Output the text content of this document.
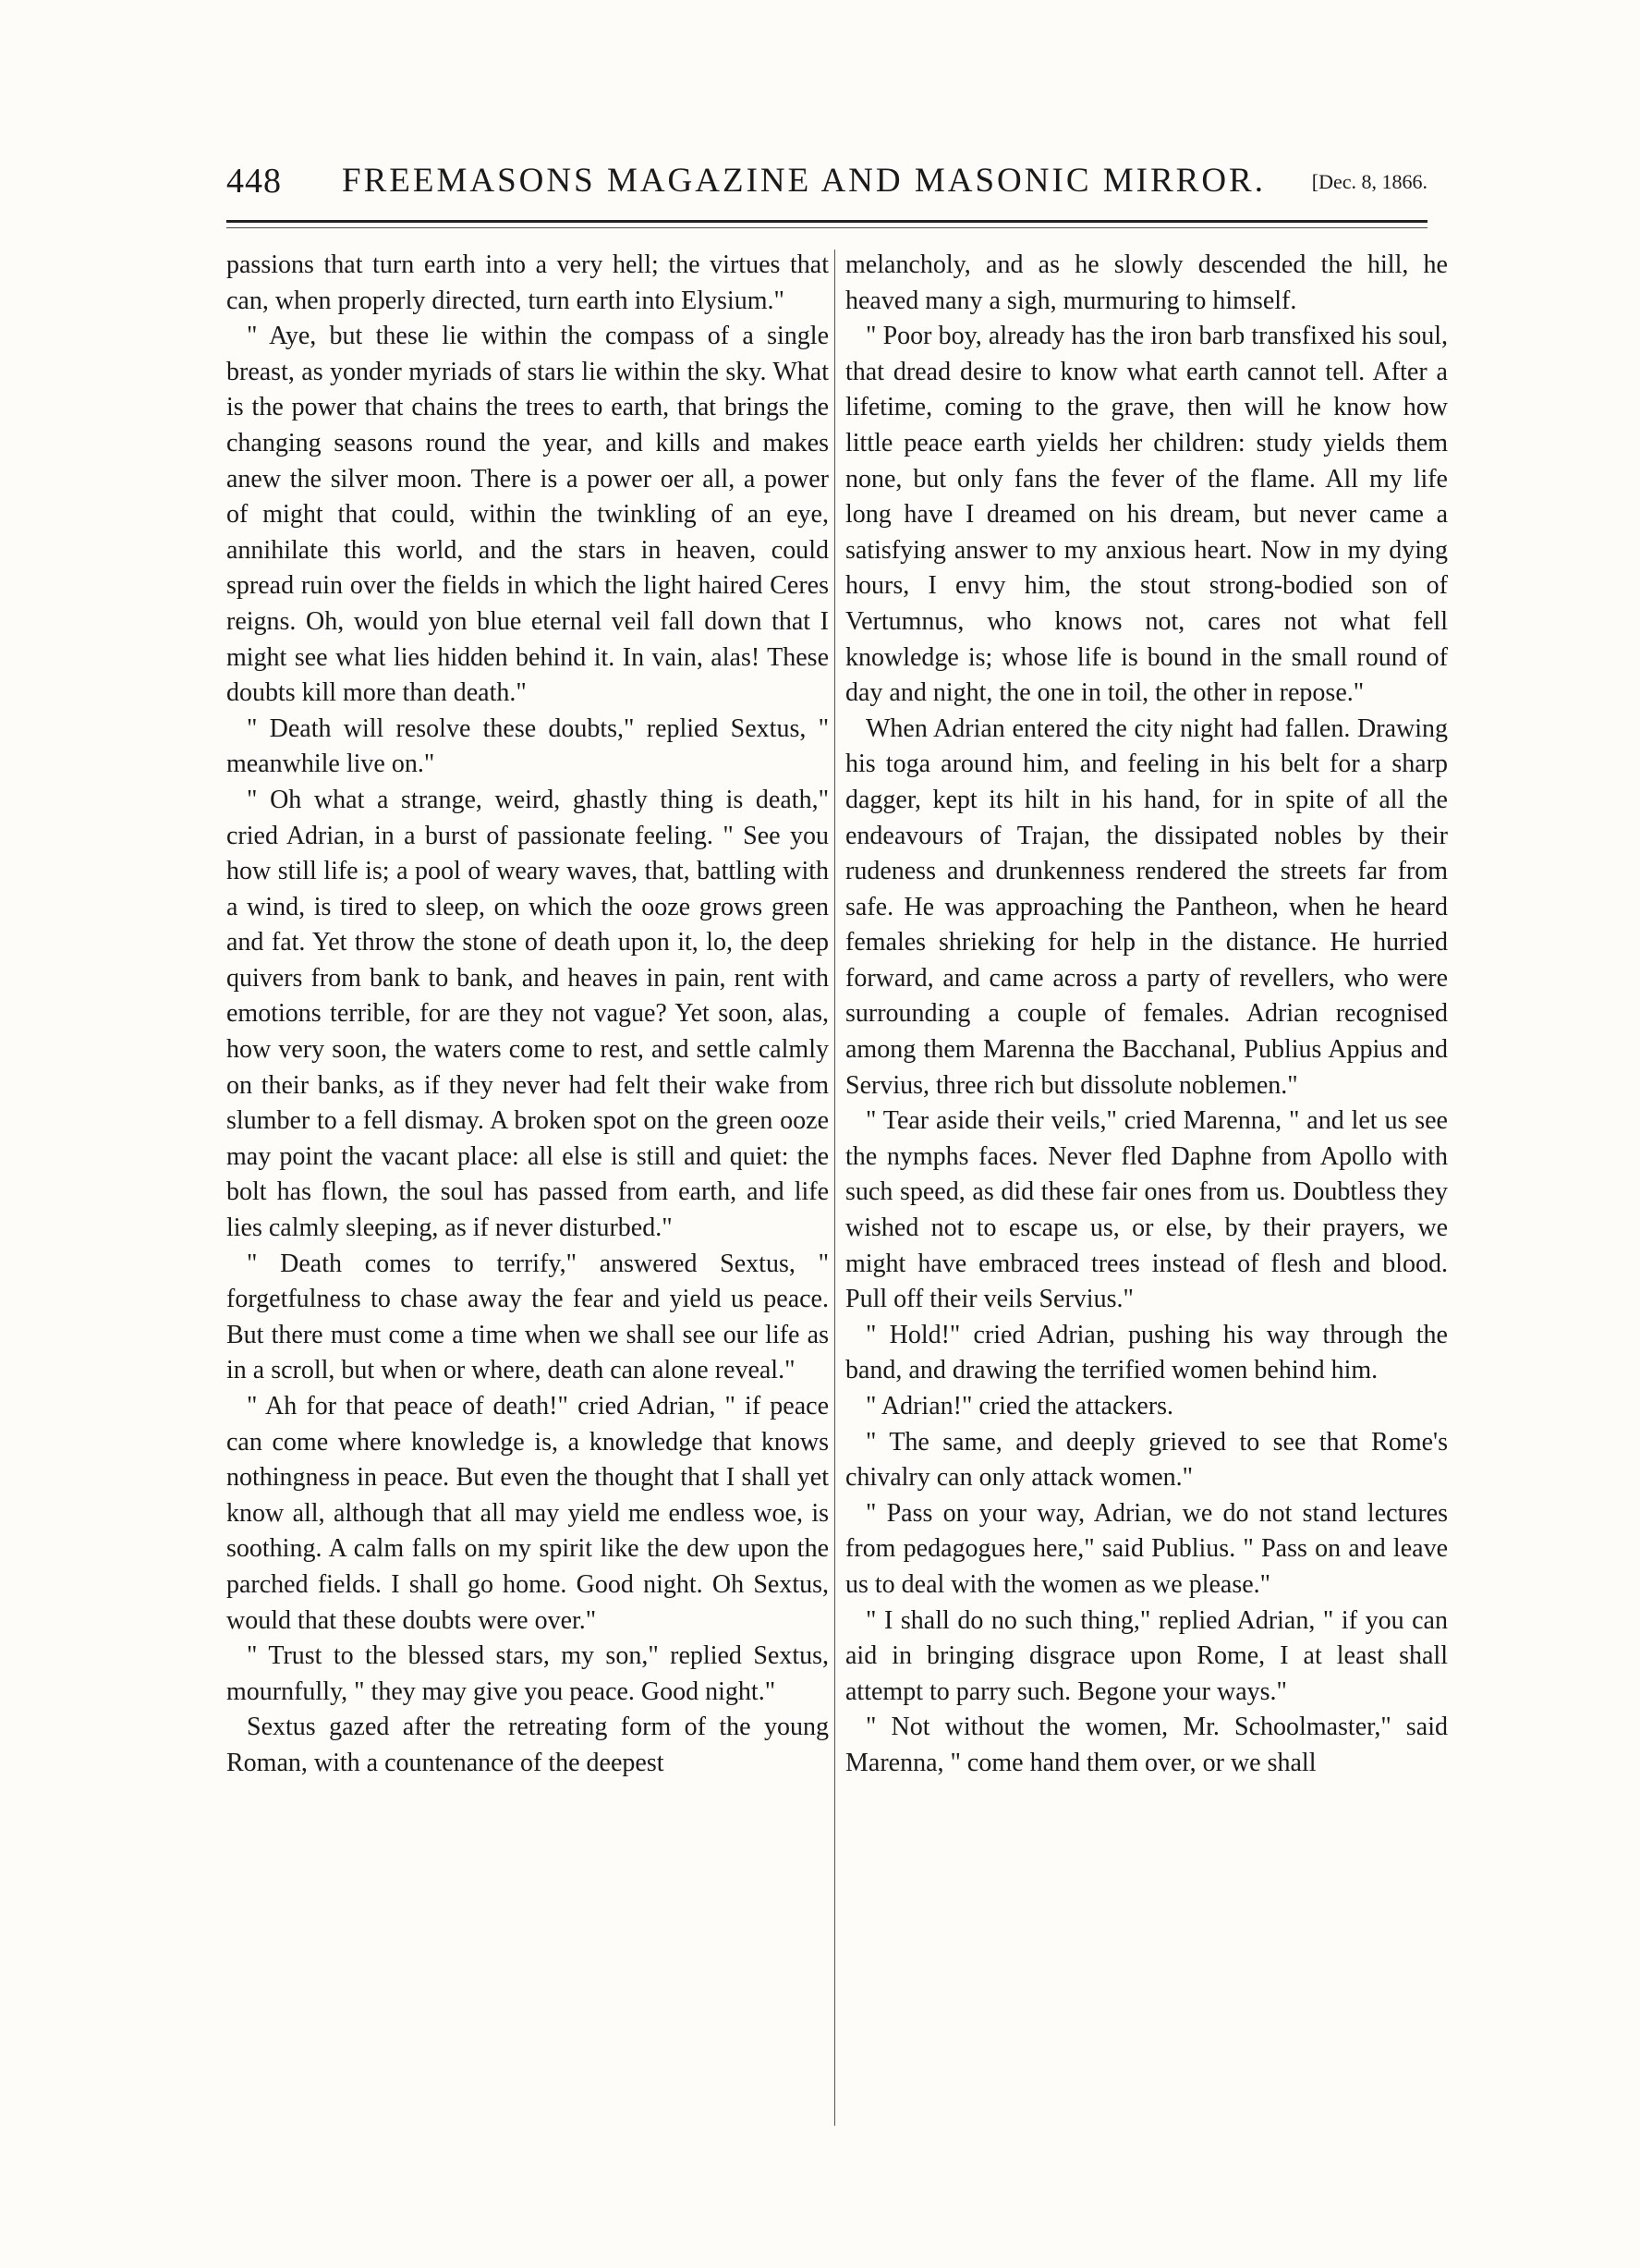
448	FREEMASONS MAGAZINE AND MASONIC MIRROR.	[Dec. 8, 1866.

passions that turn earth into a very hell; the virtues that can, when properly directed, turn earth into Elysium."

" Aye, but these lie within the compass of a single breast, as yonder myriads of stars lie within the sky. What is the power that chains the trees to earth, that brings the changing seasons round the year, and kills and makes anew the silver moon. There is a power oer all, a power of might that could, within the twinkling of an eye, annihilate this world, and the stars in heaven, could spread ruin over the fields in which the light haired Ceres reigns. Oh, would yon blue eternal veil fall down that I might see what lies hidden behind it. In vain, alas! These doubts kill more than death."

" Death will resolve these doubts," replied Sextus, " meanwhile live on."

" Oh what a strange, weird, ghastly thing is death," cried Adrian, in a burst of passionate feeling. " See you how still life is; a pool of weary waves, that, battling with a wind, is tired to sleep, on which the ooze grows green and fat. Yet throw the stone of death upon it, lo, the deep quivers from bank to bank, and heaves in pain, rent with emotions terrible, for are they not vague? Yet soon, alas, how very soon, the waters come to rest, and settle calmly on their banks, as if they never had felt their wake from slumber to a fell dismay. A broken spot on the green ooze may point the vacant place: all else is still and quiet: the bolt has flown, the soul has passed from earth, and life lies calmly sleeping, as if never disturbed."

" Death comes to terrify," answered Sextus, " forgetfulness to chase away the fear and yield us peace. But there must come a time when we shall see our life as in a scroll, but when or where, death can alone reveal."

" Ah for that peace of death!" cried Adrian, " if peace can come where knowledge is, a knowledge that knows nothingness in peace. But even the thought that I shall yet know all, although that all may yield me endless woe, is soothing. A calm falls on my spirit like the dew upon the parched fields. I shall go home. Good night. Oh Sextus, would that these doubts were over."

" Trust to the blessed stars, my son," replied Sextus, mournfully, " they may give you peace. Good night."

Sextus gazed after the retreating form of the young Roman, with a countenance of the deepest

melancholy, and as he slowly descended the hill, he heaved many a sigh, murmuring to himself.

" Poor boy, already has the iron barb transfixed his soul, that dread desire to know what earth cannot tell. After a lifetime, coming to the grave, then will he know how little peace earth yields her children: study yields them none, but only fans the fever of the flame. All my life long have I dreamed on his dream, but never came a satisfying answer to my anxious heart. Now in my dying hours, I envy him, the stout strong-bodied son of Vertumnus, who knows not, cares not what fell knowledge is; whose life is bound in the small round of day and night, the one in toil, the other in repose."

When Adrian entered the city night had fallen. Drawing his toga around him, and feeling in his belt for a sharp dagger, kept its hilt in his hand, for in spite of all the endeavours of Trajan, the dissipated nobles by their rudeness and drunkenness rendered the streets far from safe. He was approaching the Pantheon, when he heard females shrieking for help in the distance. He hurried forward, and came across a party of revellers, who were surrounding a couple of females. Adrian recognised among them Marenna the Bacchanal, Publius Appius and Servius, three rich but dissolute noblemen."

" Tear aside their veils," cried Marenna, " and let us see the nymphs faces. Never fled Daphne from Apollo with such speed, as did these fair ones from us. Doubtless they wished not to escape us, or else, by their prayers, we might have embraced trees instead of flesh and blood. Pull off their veils Servius."

" Hold!" cried Adrian, pushing his way through the band, and drawing the terrified women behind him.

" Adrian!" cried the attackers.

" The same, and deeply grieved to see that Rome's chivalry can only attack women."

" Pass on your way, Adrian, we do not stand lectures from pedagogues here," said Publius. " Pass on and leave us to deal with the women as we please."

" I shall do no such thing," replied Adrian, " if you can aid in bringing disgrace upon Rome, I at least shall attempt to parry such. Begone your ways."

" Not without the women, Mr. Schoolmaster," said Marenna, " come hand them over, or we shall
